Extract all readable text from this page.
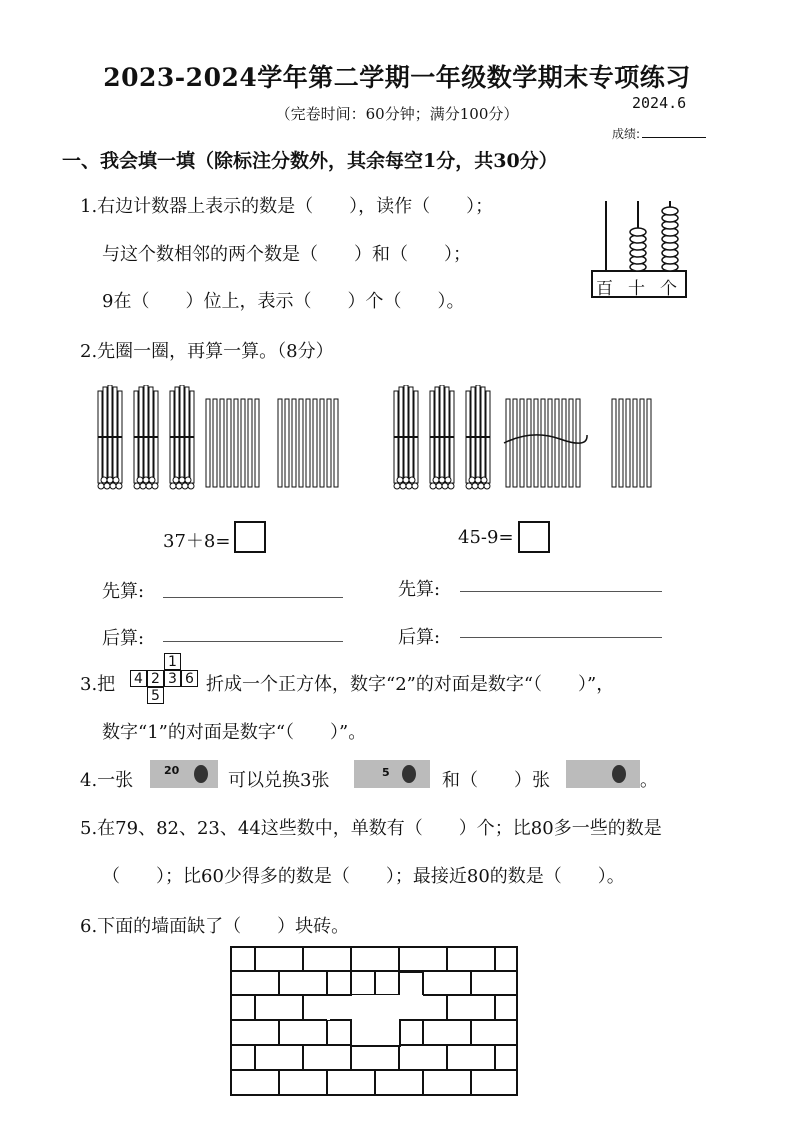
2023-2024学年第二学期一年级数学期末专项练习
（完卷时间：60分钟；满分100分）
2024.6
成绩:
一、我会填一填（除标注分数外，其余每空1分，共30分）
1.右边计数器上表示的数是（　　），读作（　　）；
与这个数相邻的两个数是（　　）和（　　）；
9在（　　）位上，表示（　　）个（　　）。
百 十 个
2.先圈一圈，再算一算。（8分）
37＋8=	45-9=
先算:	先算:
后算:	后算:
3.把
1
4 2 3 6
5
折成一个正方体，数字“2”的对面是数字“（　　）”，
数字“1”的对面是数字“（　　）”。
4.一张	20	可以兑换3张	5	和（　　）张	。
5.在79、82、23、44这些数中，单数有（　　）个；比80多一些的数是
（　　）；比60少得多的数是（　　）；最接近80的数是（　　）。
6.下面的墙面缺了（　　）块砖。
